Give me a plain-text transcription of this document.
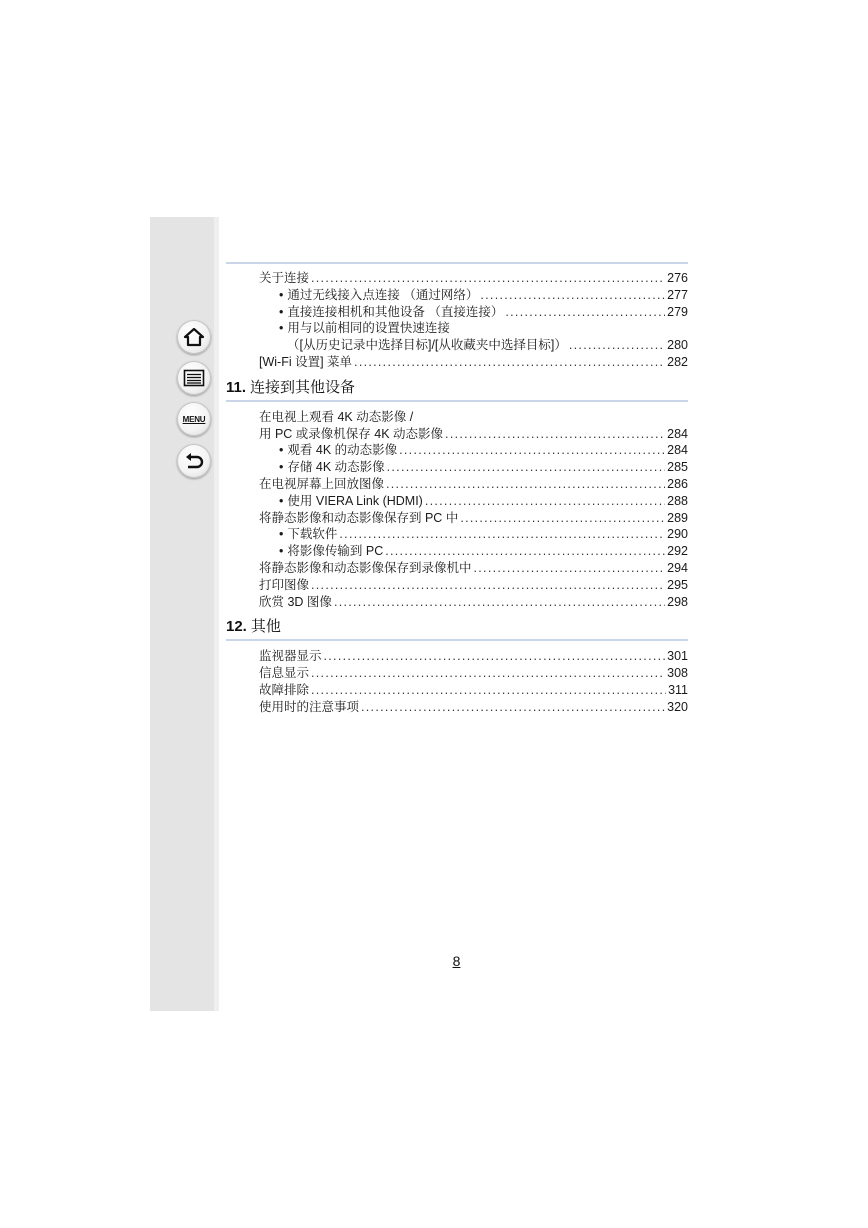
MENU
关于连接 .....	276
• 通过无线接入点连接 （通过网络） .....	277
• 直接连接相机和其他设备 （直接连接） .....	279
• 用与以前相同的设置快速连接
（[从历史记录中选择目标]/[从收藏夹中选择目标]） .....	280
[Wi-Fi 设置] 菜单 .....	282
11. 连接到其他设备
在电视上观看 4K 动态影像 /
用 PC 或录像机保存 4K 动态影像 .....	284
• 观看 4K 的动态影像 .....	284
• 存储 4K 动态影像 .....	285
在电视屏幕上回放图像 .....	286
• 使用 VIERA Link (HDMI) .....	288
将静态影像和动态影像保存到 PC 中 .....	289
• 下载软件 .....	290
• 将影像传输到 PC .....	292
将静态影像和动态影像保存到录像机中 .....	294
打印图像 .....	295
欣赏 3D 图像 .....	298
12. 其他
监视器显示 .....	301
信息显示 .....	308
故障排除 .....	311
使用时的注意事项 .....	320
8
